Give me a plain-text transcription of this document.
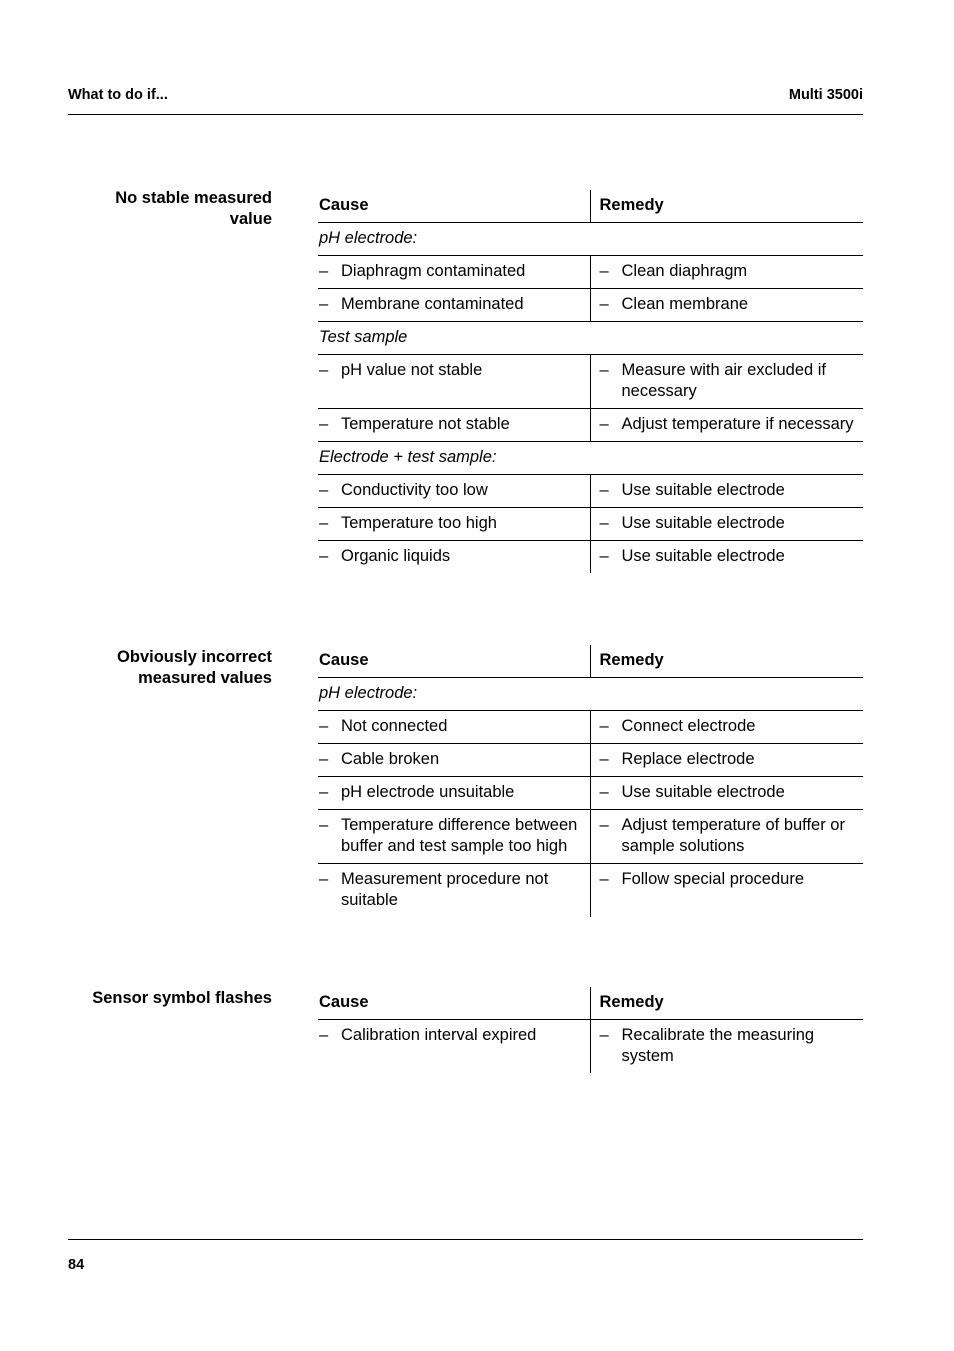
What to do if...	Multi 3500i
No stable measured
value
Cause	Remedy
pH electrode:	

– Diaphragm contaminated	– Clean diaphragm

– Membrane contaminated	– Clean membrane

Test sample	

– pH value not stable	– Measure with air excluded if necessary

– Temperature not stable	– Adjust temperature if necessary

Electrode + test sample:	

– Conductivity too low	– Use suitable electrode

– Temperature too high	– Use suitable electrode

– Organic liquids	– Use suitable electrode
Obviously incorrect
measured values
Cause	Remedy
pH electrode:	

– Not connected	– Connect electrode

– Cable broken	– Replace electrode

– pH electrode unsuitable	– Use suitable electrode

– Temperature difference between buffer and test sample too high	– Adjust temperature of buffer or sample solutions

– Measurement procedure not suitable	– Follow special procedure
Sensor symbol flashes	Cause	Remedy

– Calibration interval expired	– Recalibrate the measuring system
84
